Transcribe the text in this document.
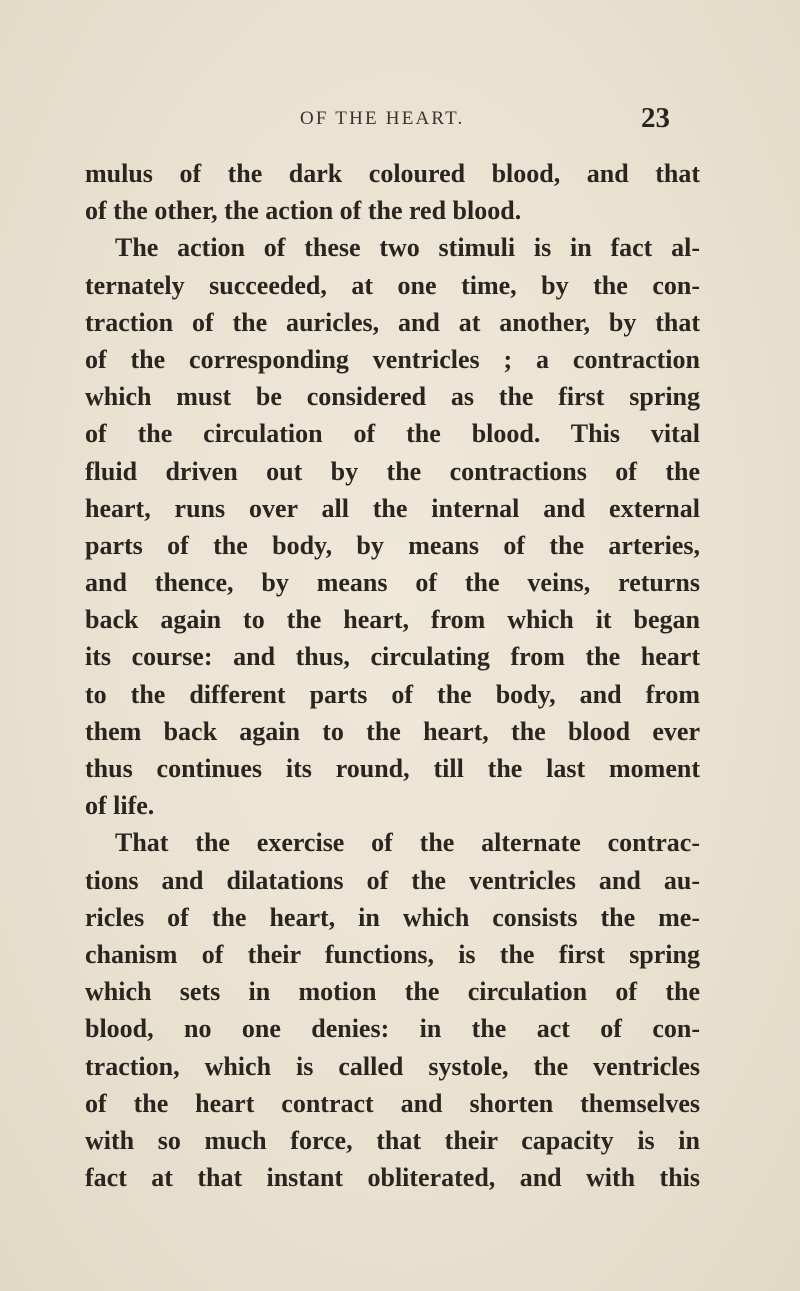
OF THE HEART.	23
mulus of the dark coloured blood, and that
of the other, the action of the red blood.
The action of these two stimuli is in fact al-
ternately succeeded, at one time, by the con-
traction of the auricles, and at another, by that
of the corresponding ventricles ; a contraction
which must be considered as the first spring
of the circulation of the blood. This vital
fluid driven out by the contractions of the
heart, runs over all the internal and external
parts of the body, by means of the arteries,
and thence, by means of the veins, returns
back again to the heart, from which it began
its course: and thus, circulating from the heart
to the different parts of the body, and from
them back again to the heart, the blood ever
thus continues its round, till the last moment
of life.
That the exercise of the alternate contrac-
tions and dilatations of the ventricles and au-
ricles of the heart, in which consists the me-
chanism of their functions, is the first spring
which sets in motion the circulation of the
blood, no one denies: in the act of con-
traction, which is called systole, the ventricles
of the heart contract and shorten themselves
with so much force, that their capacity is in
fact at that instant obliterated, and with this
